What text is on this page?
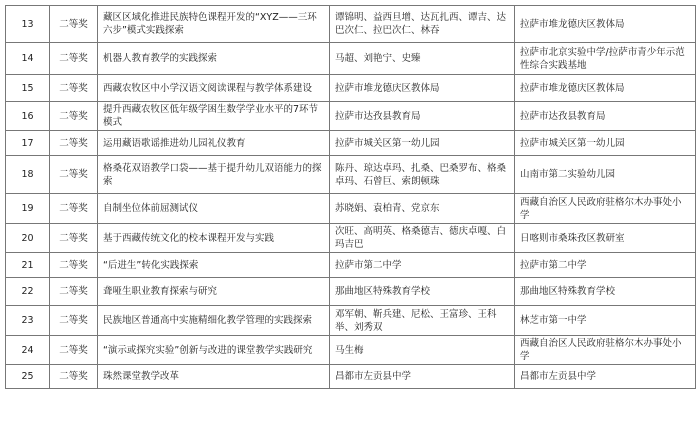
13	二等奖	藏区区域化推进民族特色课程开发的“XYZ——三环六步”模式实践探索	谭锦明、益西旦增、达瓦扎西、谭吉、达巴次仁、拉巴次仁、林吞	拉萨市堆龙德庆区教体局
14	二等奖	机器人教育教学的实践探索	马超、刘艳宁、史臻	拉萨市北京实验中学/拉萨市青少年示范性综合实践基地
15	二等奖	西藏农牧区中小学汉语文阅读课程与教学体系建设	拉萨市堆龙德庆区教体局	拉萨市堆龙德庆区教体局
16	二等奖	提升西藏农牧区低年级学困生数学学业水平的7环节模式	拉萨市达孜县教育局	拉萨市达孜县教育局
17	二等奖	运用藏语歌谣推进幼儿园礼仪教育	拉萨市城关区第一幼儿园	拉萨市城关区第一幼儿园
18	二等奖	格桑花双语教学口袋——基于提升幼儿双语能力的探索	陈丹、琼达卓玛、扎桑、巴桑罗布、格桑卓玛、石曾巨、索朗顿珠	山南市第二实验幼儿园
19	二等奖	自制坐位体前屈测试仪	苏晓娟、袁柏青、党京东	西藏自治区人民政府驻格尔木办事处小学
20	二等奖	基于西藏传统文化的校本课程开发与实践	次旺、高明英、格桑德吉、德庆卓嘎、白玛吉巴	日喀则市桑珠孜区教研室
21	二等奖	“后进生”转化实践探索	拉萨市第二中学	拉萨市第二中学
22	二等奖	聋哑生职业教育探索与研究	那曲地区特殊教育学校	那曲地区特殊教育学校
23	二等奖	民族地区普通高中实施精细化教学管理的实践探索	邓军朝、靳兵建、尼松、王富珍、王科举、刘秀双	林芝市第一中学
24	二等奖	“演示或探究实验”创新与改进的课堂教学实践研究	马生梅	西藏自治区人民政府驻格尔木办事处小学
25	二等奖	珠然课堂教学改革	昌都市左贡县中学	昌都市左贡县中学
